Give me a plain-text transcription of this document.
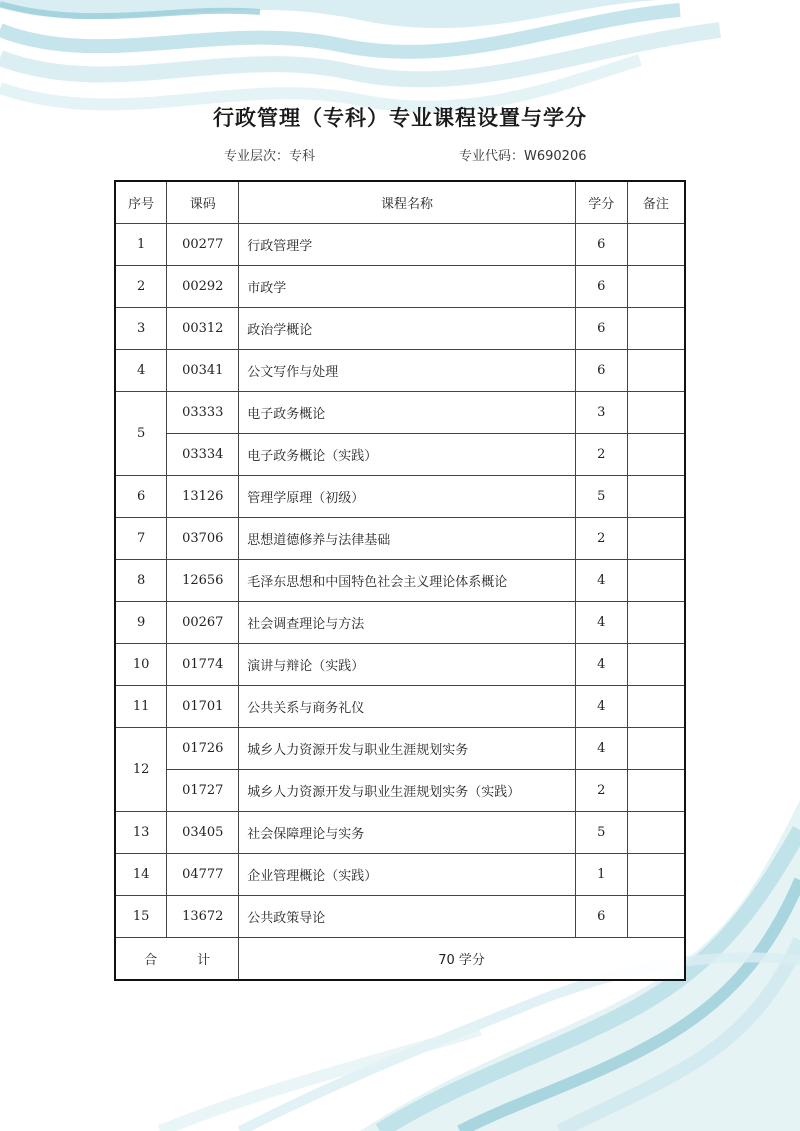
行政管理（专科）专业课程设置与学分
专业层次：专科	专业代码：W690206
序号	课码	课程名称	学分	备注
1	00277	行政管理学	6	
2	00292	市政学	6	
3	00312	政治学概论	6	
4	00341	公文写作与处理	6	
5	03333	电子政务概论	3	
	03334	电子政务概论（实践）	2	
6	13126	管理学原理（初级）	5	
7	03706	思想道德修养与法律基础	2	
8	12656	毛泽东思想和中国特色社会主义理论体系概论	4	
9	00267	社会调查理论与方法	4	
10	01774	演讲与辩论（实践）	4	
11	01701	公共关系与商务礼仪	4	
12	01726	城乡人力资源开发与职业生涯规划实务	4	
	01727	城乡人力资源开发与职业生涯规划实务（实践）	2	
13	03405	社会保障理论与实务	5	
14	04777	企业管理概论（实践）	1	
15	13672	公共政策导论	6	
合 计		70 学分		
